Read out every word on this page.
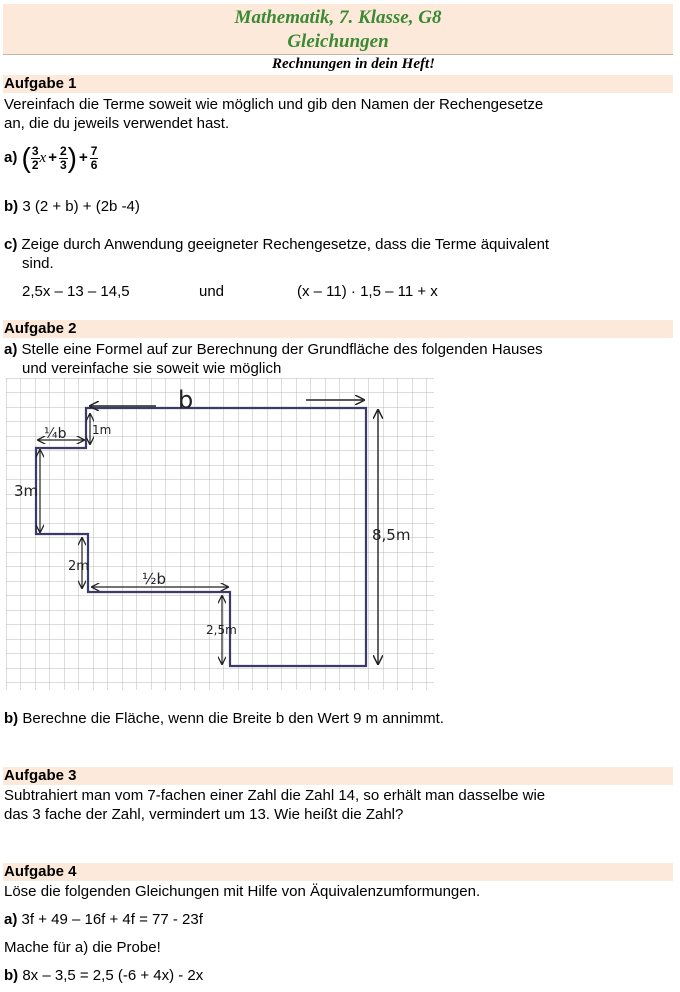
Mathematik, 7. Klasse, G8
Gleichungen
Rechnungen in dein Heft!
Aufgabe 1
Vereinfach die Terme soweit wie möglich und gib den Namen der Rechengesetze
an, die du jeweils verwendet hast.
a) ( $\frac{3}{2}$ $x + \frac{2}{3}$ ) + $\frac{7}{6}$
b) 3 (2 + b) + (2b -4)
c) Zeige durch Anwendung geeigneter Rechengesetze, dass die Terme äquivalent
sind.
2,5x – 13 – 14,5	und	(x – 11) · 1,5 – 11 + x
Aufgabe 2
a) Stelle eine Formel auf zur Berechnung der Grundfläche des folgenden Hauses
und vereinfache sie soweit wie möglich
b
¼b 1m
3m
2m
½b
8,5m
2,5m
b) Berechne die Fläche, wenn die Breite b den Wert 9 m annimmt.
Aufgabe 3
Subtrahiert man vom 7-fachen einer Zahl die Zahl 14, so erhält man dasselbe wie
das 3 fache der Zahl, vermindert um 13. Wie heißt die Zahl?
Aufgabe 4
Löse die folgenden Gleichungen mit Hilfe von Äquivalenzumformungen.
a) 3f + 49 – 16f + 4f = 77 - 23f
Mache für a) die Probe!
b) 8x – 3,5 = 2,5 (-6 + 4x) - 2x
